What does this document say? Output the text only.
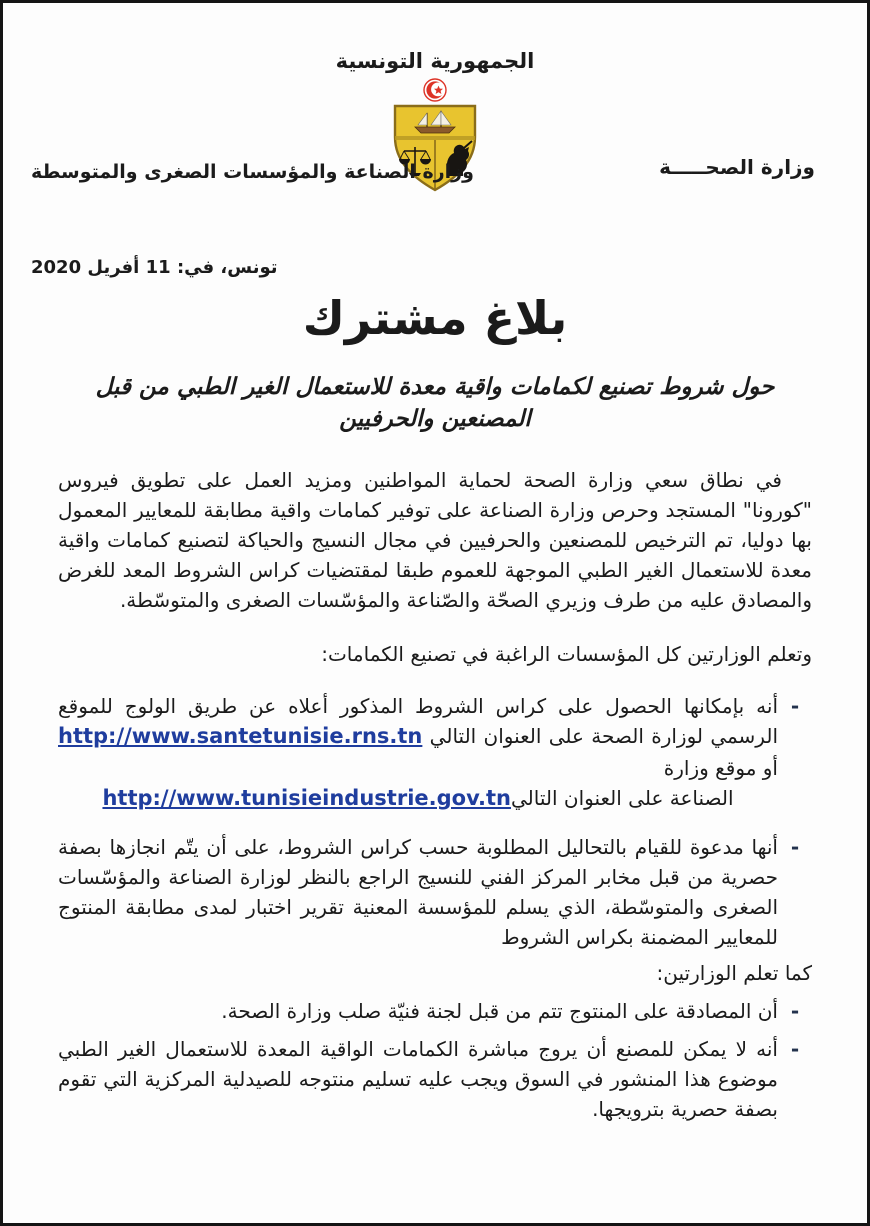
الجمهورية التونسية
وزارة الصحـــــة
وزارة الصناعة والمؤسسات الصغرى والمتوسطة
تونس، في: 11 أفريل 2020
بلاغ مشترك
حول شروط تصنيع لكمامات واقية معدة للاستعمال الغير الطبي من قبل
المصنعين والحرفيين

في نطاق سعي وزارة الصحة لحماية المواطنين ومزيد العمل على تطويق فيروس "كورونا" المستجد وحرص وزارة الصناعة على توفير كمامات واقية مطابقة للمعايير المعمول بها دوليا، تم الترخيص للمصنعين والحرفيين في مجال النسيج والحياكة لتصنيع كمامات واقية معدة للاستعمال الغير الطبي الموجهة للعموم طبقا لمقتضيات كراس الشروط المعد للغرض والمصادق عليه من طرف وزيري الصحّة والصّناعة والمؤسّسات الصغرى والمتوسّطة.

وتعلم الوزارتين كل المؤسسات الراغبة في تصنيع الكمامات:

-
أنه بإمكانها الحصول على كراس الشروط المذكور أعلاه عن طريق الولوج للموقع الرسمي لوزارة الصحة على العنوان التالي http://www.santetunisie.rns.tn أو موقع وزارة
الصناعة على العنوان التاليhttp://www.tunisieindustrie.gov.tn
-
أنها مدعوة للقيام بالتحاليل المطلوبة حسب كراس الشروط، على أن يتّم انجازها بصفة حصرية من قبل مخابر المركز الفني للنسيج الراجع بالنظر لوزارة الصناعة والمؤسّسات الصغرى والمتوسّطة، الذي يسلم للمؤسسة المعنية تقرير اختبار لمدى مطابقة المنتوج للمعايير المضمنة بكراس الشروط

كما تعلم الوزارتين:

-
أن المصادقة على المنتوج تتم من قبل لجنة فنيّة صلب وزارة الصحة.
-
أنه لا يمكن للمصنع أن يروج مباشرة الكمامات الواقية المعدة للاستعمال الغير الطبي موضوع هذا المنشور في السوق ويجب عليه تسليم منتوجه للصيدلية المركزية التي تقوم بصفة حصرية بترويجها.
